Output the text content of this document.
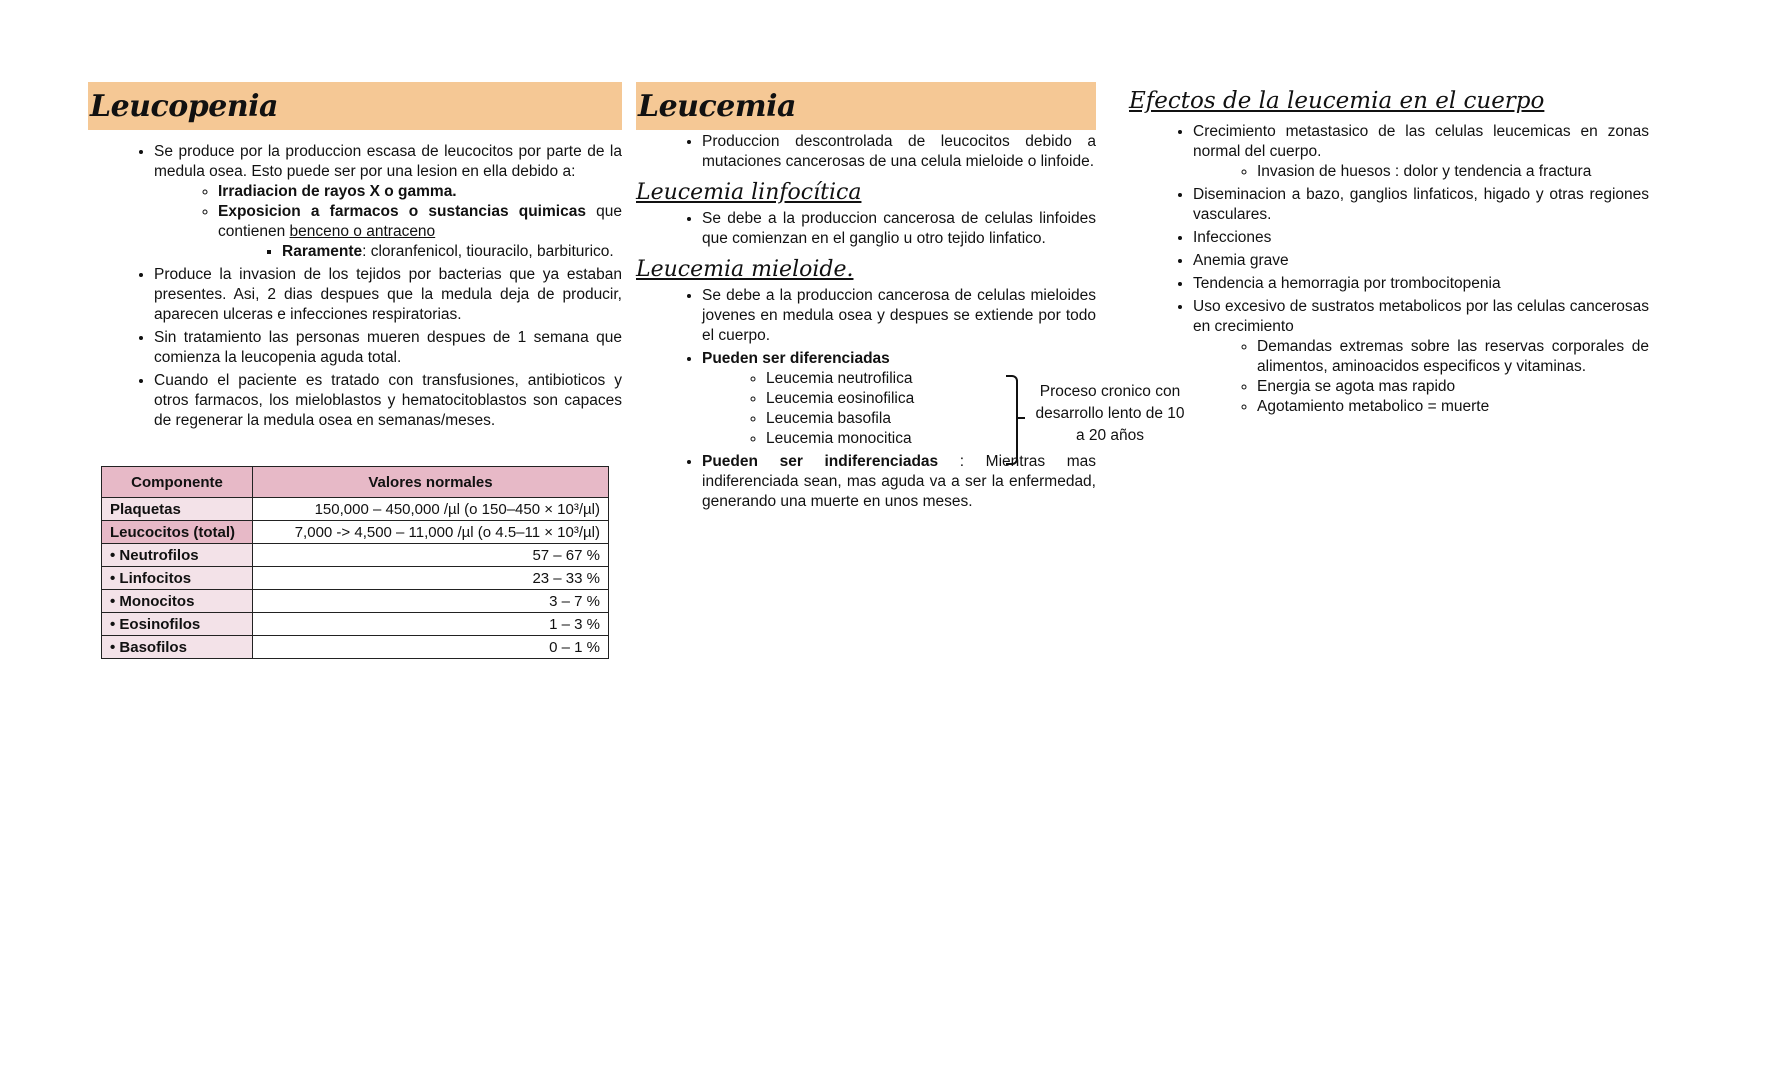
Leucopenia
• Se produce por la produccion escasa de leucocitos por parte de la medula osea. Esto puede ser por una lesion en ella debido a:
◦ Irradiacion de rayos X o gamma.
◦ Exposicion a farmacos o sustancias quimicas que contienen benceno o antraceno
▪ Raramente: cloranfenicol, tiouracilo, barbiturico.
• Produce la invasion de los tejidos por bacterias que ya estaban presentes. Asi, 2 dias despues que la medula deja de producir, aparecen ulceras e infecciones respiratorias.
• Sin tratamiento las personas mueren despues de 1 semana que comienza la leucopenia aguda total.
• Cuando el paciente es tratado con transfusiones, antibioticos y otros farmacos, los mieloblastos y hematocitoblastos son capaces de regenerar la medula osea en semanas/meses.
Componente	Valores normales
Plaquetas	150,000 – 450,000 /µl (o 150–450 × 10³/µl)
Leucocitos (total)	7,000 -> 4,500 – 11,000 /µl (o 4.5–11 × 10³/µl)
• Neutrofilos	57 – 67 %
• Linfocitos	23 – 33 %
• Monocitos	3 – 7 %
• Eosinofilos	1 – 3 %
• Basofilos	0 – 1 %
Leucemia
• Produccion descontrolada de leucocitos debido a mutaciones cancerosas de una celula mieloide o linfoide.
Leucemia linfocítica
• Se debe a la produccion cancerosa de celulas linfoides que comienzan en el ganglio u otro tejido linfatico.
Leucemia mieloide.
• Se debe a la produccion cancerosa de celulas mieloides jovenes en medula osea y despues se extiende por todo el cuerpo.
• Pueden ser diferenciadas
◦ Leucemia neutrofilica
◦ Leucemia eosinofilica
◦ Leucemia basofila
◦ Leucemia monocitica
Proceso cronico con desarrollo lento de 10 a 20 años
• Pueden ser indiferenciadas : Mientras mas indiferenciada sean, mas aguda va a ser la enfermedad, generando una muerte en unos meses.
Efectos de la leucemia en el cuerpo
• Crecimiento metastasico de las celulas leucemicas en zonas normal del cuerpo.
◦ Invasion de huesos : dolor y tendencia a fractura
• Diseminacion a bazo, ganglios linfaticos, higado y otras regiones vasculares.
• Infecciones
• Anemia grave
• Tendencia a hemorragia por trombocitopenia
• Uso excesivo de sustratos metabolicos por las celulas cancerosas en crecimiento
◦ Demandas extremas sobre las reservas corporales de alimentos, aminoacidos especificos y vitaminas.
◦ Energia se agota mas rapido
◦ Agotamiento metabolico = muerte
